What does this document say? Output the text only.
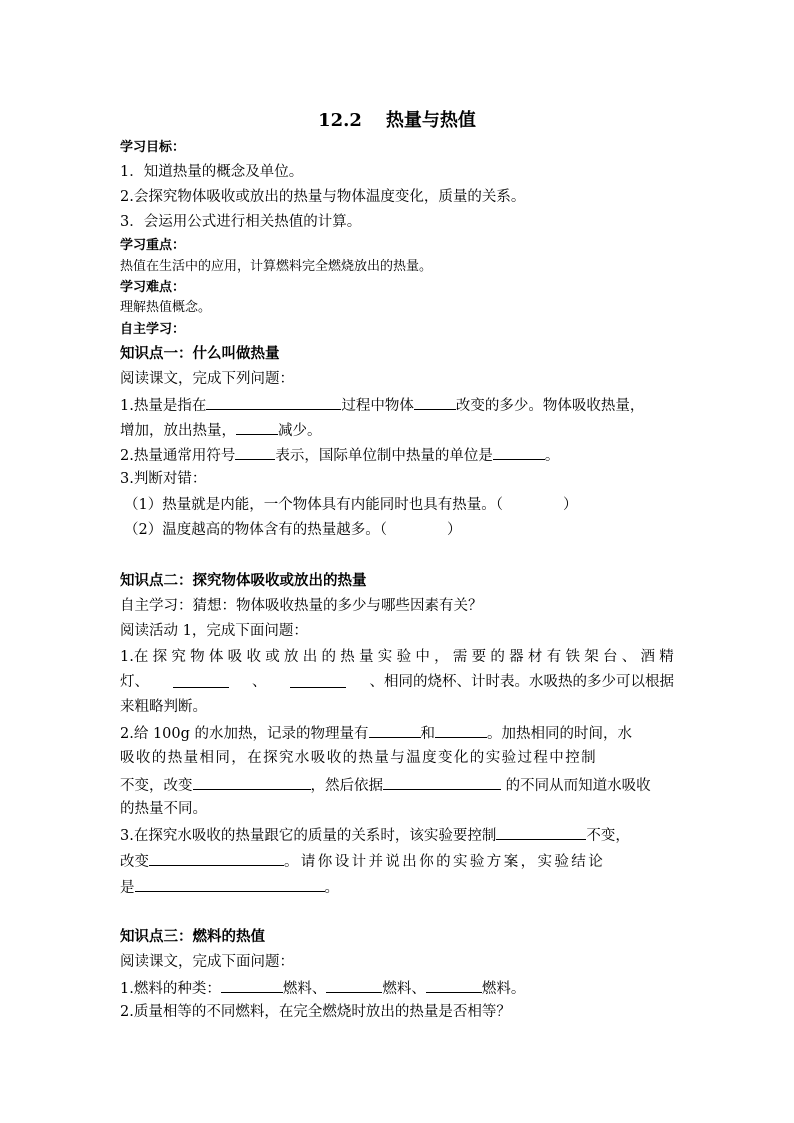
12.2 热量与热值
学习目标：
1．知道热量的概念及单位。
2.会探究物体吸收或放出的热量与物体温度变化，质量的关系。
3．会运用公式进行相关热值的计算。
学习重点：
热值在生活中的应用，计算燃料完全燃烧放出的热量。
学习难点：
理解热值概念。
自主学习：
知识点一：什么叫做热量
阅读课文，完成下列问题：
1.热量是指在	过程中物体	改变的多少。物体吸收热量，
增加，放出热量，	减少。
2.热量通常用符号	表示，国际单位制中热量的单位是	。
3.判断对错：
（1）热量就是内能，一个物体具有内能同时也具有热量。（	）
（2）温度越高的物体含有的热量越多。（	）
知识点二：探究物体吸收或放出的热量
自主学习：猜想：物体吸收热量的多少与哪些因素有关？
阅读活动 1，完成下面问题：
1.在 探 究 物 体 吸 收 或 放 出 的 热 量 实 验 中 ， 需 要 的 器 材 有 铁 架 台 、 酒 精
灯、	、	、相同的烧杯、计时表。水吸热的多少可以根据
来粗略判断。
2.给 100g 的水加热，记录的物理量有	和	。加热相同的时间，水
吸收的热量相同，在探究水吸收的热量与温度变化的实验过程中控制
不变，改变	，然后依据	的不同从而知道水吸收
的热量不同。
3.在探究水吸收的热量跟它的质量的关系时，该实验要控制	不变，
改变	。请你设计并说出你的实验方案，实验结论
是	。
知识点三：燃料的热值
阅读课文，完成下面问题：
1.燃料的种类：	燃料、	燃料、	燃料。
2.质量相等的不同燃料，在完全燃烧时放出的热量是否相等？
